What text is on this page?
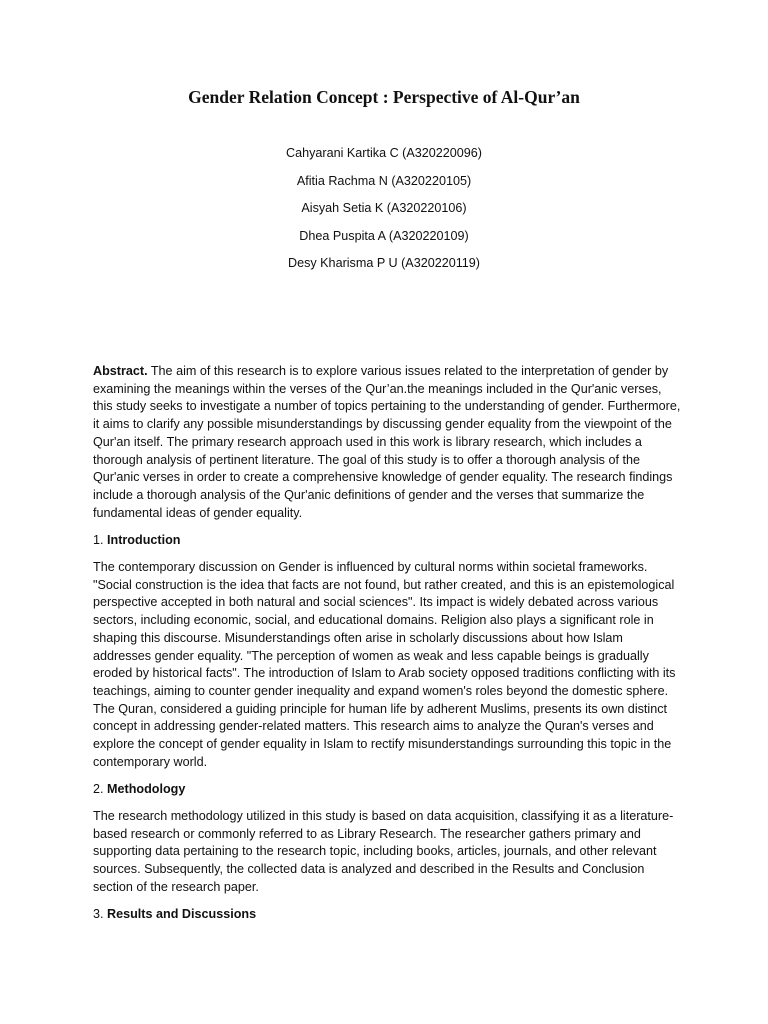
Gender Relation Concept : Perspective of Al-Qur’an
Cahyarani Kartika C (A320220096)
Afitia Rachma N (A320220105)
Aisyah Setia K (A320220106)
Dhea Puspita A (A320220109)
Desy Kharisma P U (A320220119)

Abstract. The aim of this research is to explore various issues related to the interpretation of gender by examining the meanings within the verses of the Qur’an.the meanings included in the Qur'anic verses, this study seeks to investigate a number of topics pertaining to the understanding of gender. Furthermore, it aims to clarify any possible misunderstandings by discussing gender equality from the viewpoint of the Qur'an itself. The primary research approach used in this work is library research, which includes a thorough analysis of pertinent literature. The goal of this study is to offer a thorough analysis of the Qur'anic verses in order to create a comprehensive knowledge of gender equality. The research findings include a thorough analysis of the Qur'anic definitions of gender and the verses that summarize the fundamental ideas of gender equality.

1. Introduction

The contemporary discussion on Gender is influenced by cultural norms within societal frameworks. "Social construction is the idea that facts are not found, but rather created, and this is an epistemological perspective accepted in both natural and social sciences". Its impact is widely debated across various sectors, including economic, social, and educational domains. Religion also plays a significant role in shaping this discourse. Misunderstandings often arise in scholarly discussions about how Islam addresses gender equality. "The perception of women as weak and less capable beings is gradually eroded by historical facts". The introduction of Islam to Arab society opposed traditions conflicting with its teachings, aiming to counter gender inequality and expand women's roles beyond the domestic sphere. The Quran, considered a guiding principle for human life by adherent Muslims, presents its own distinct concept in addressing gender-related matters. This research aims to analyze the Quran's verses and explore the concept of gender equality in Islam to rectify misunderstandings surrounding this topic in the contemporary world.

2. Methodology

The research methodology utilized in this study is based on data acquisition, classifying it as a literature-based research or commonly referred to as Library Research. The researcher gathers primary and supporting data pertaining to the research topic, including books, articles, journals, and other relevant sources. Subsequently, the collected data is analyzed and described in the Results and Conclusion section of the research paper.

3. Results and Discussions
